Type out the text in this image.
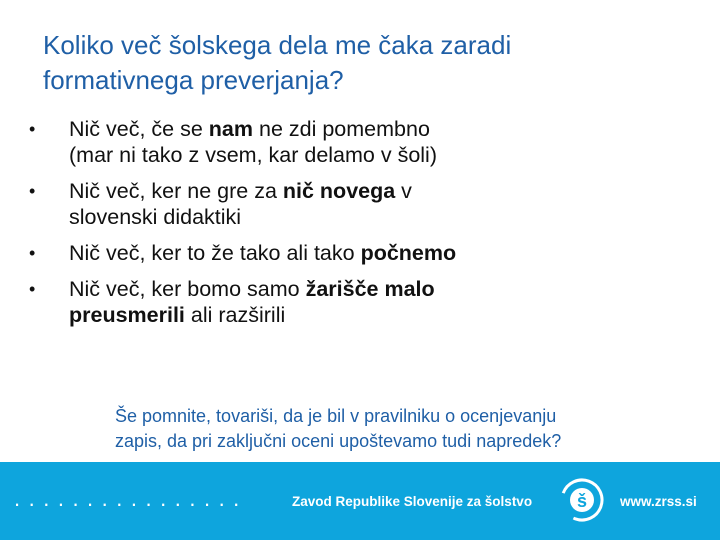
Koliko več šolskega dela me čaka zaradi
formativnega preverjanja?
• Nič več, če se nam ne zdi pomembno
(mar ni tako z vsem, kar delamo v šoli)
• Nič več, ker ne gre za nič novega v
slovenski didaktiki
• Nič več, ker to že tako ali tako počnemo
• Nič več, ker bomo samo žarišče malo
preusmerili ali razširili
Še pomnite, tovariši, da je bil v pravilniku o ocenjevanju
zapis, da pri zaključni oceni upoštevamo tudi napredek?
................	Zavod Republike Slovenije za šolstvo š www.zrss.si
